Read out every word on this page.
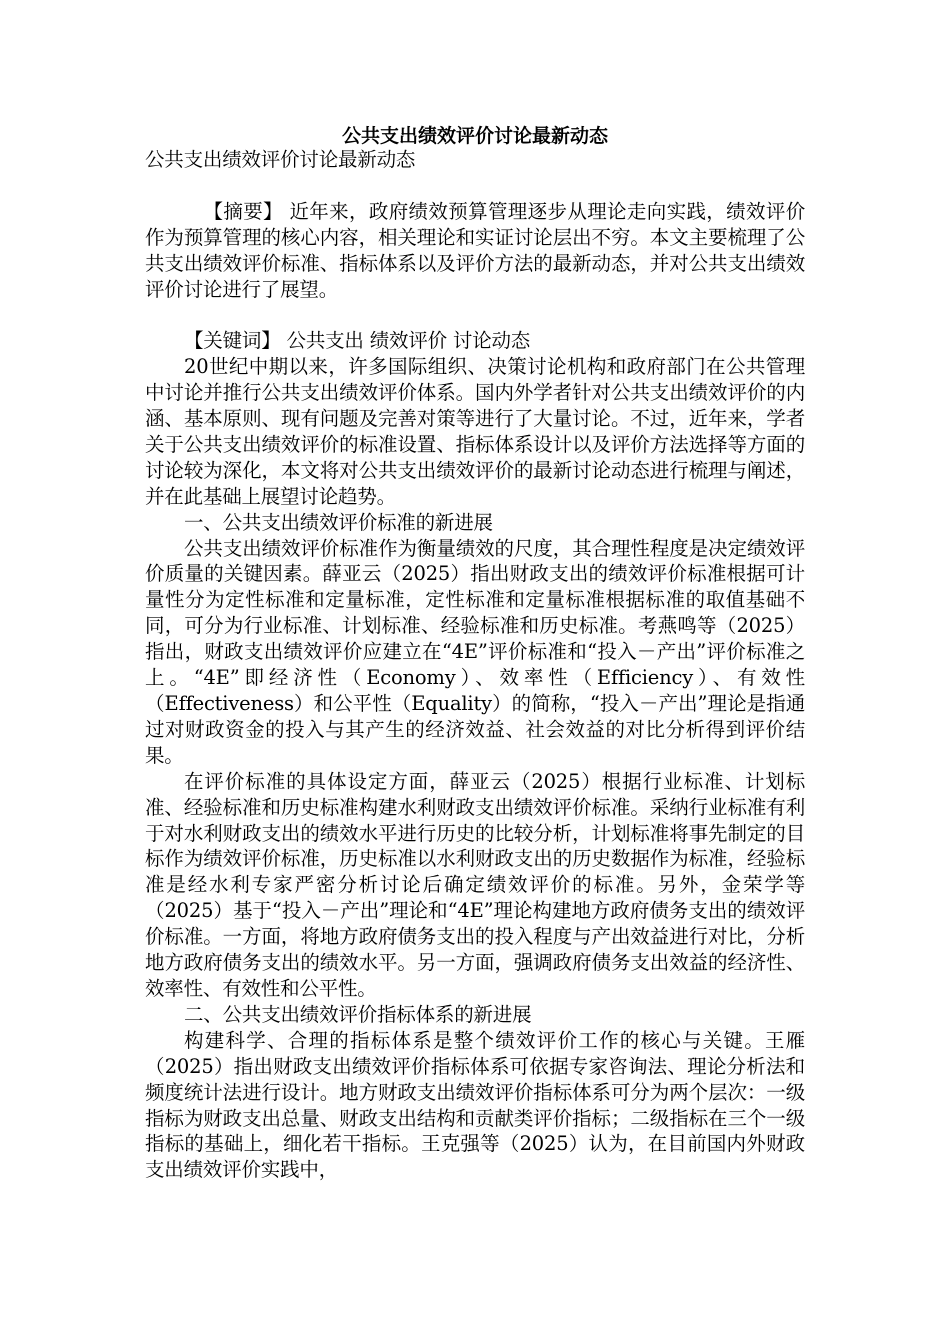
公共支出绩效评价讨论最新动态

公共支出绩效评价讨论最新动态

【摘要】 近年来，政府绩效预算管理逐步从理论走向实践，绩效评价作为预算管理的核心内容，相关理论和实证讨论层出不穷。本文主要梳理了公共支出绩效评价标准、指标体系以及评价方法的最新动态，并对公共支出绩效评价讨论进行了展望。

【关键词】 公共支出 绩效评价 讨论动态

20世纪中期以来，许多国际组织、决策讨论机构和政府部门在公共管理中讨论并推行公共支出绩效评价体系。国内外学者针对公共支出绩效评价的内涵、基本原则、现有问题及完善对策等进行了大量讨论。不过，近年来，学者关于公共支出绩效评价的标准设置、指标体系设计以及评价方法选择等方面的讨论较为深化，本文将对公共支出绩效评价的最新讨论动态进行梳理与阐述，并在此基础上展望讨论趋势。

一、公共支出绩效评价标准的新进展

公共支出绩效评价标准作为衡量绩效的尺度，其合理性程度是决定绩效评价质量的关键因素。薛亚云（2025）指出财政支出的绩效评价标准根据可计量性分为定性标准和定量标准，定性标准和定量标准根据标准的取值基础不同，可分为行业标准、计划标准、经验标准和历史标准。考燕鸣等（2025）指出，财政支出绩效评价应建立在“4E”评价标准和“投入－产出”评价标准之上。“4E”即经济性（Economy）、效率性（Efficiency）、有效性（Effectiveness）和公平性（Equality）的简称，“投入－产出”理论是指通过对财政资金的投入与其产生的经济效益、社会效益的对比分析得到评价结果。

在评价标准的具体设定方面，薛亚云（2025）根据行业标准、计划标准、经验标准和历史标准构建水利财政支出绩效评价标准。采纳行业标准有利于对水利财政支出的绩效水平进行历史的比较分析，计划标准将事先制定的目标作为绩效评价标准，历史标准以水利财政支出的历史数据作为标准，经验标准是经水利专家严密分析讨论后确定绩效评价的标准。另外，金荣学等（2025）基于“投入－产出”理论和“4E”理论构建地方政府债务支出的绩效评价标准。一方面，将地方政府债务支出的投入程度与产出效益进行对比，分析地方政府债务支出的绩效水平。另一方面，强调政府债务支出效益的经济性、效率性、有效性和公平性。

二、公共支出绩效评价指标体系的新进展

构建科学、合理的指标体系是整个绩效评价工作的核心与关键。王雁（2025）指出财政支出绩效评价指标体系可依据专家咨询法、理论分析法和频度统计法进行设计。地方财政支出绩效评价指标体系可分为两个层次：一级指标为财政支出总量、财政支出结构和贡献类评价指标；二级指标在三个一级指标的基础上，细化若干指标。王克强等（2025）认为，在目前国内外财政支出绩效评价实践中，
